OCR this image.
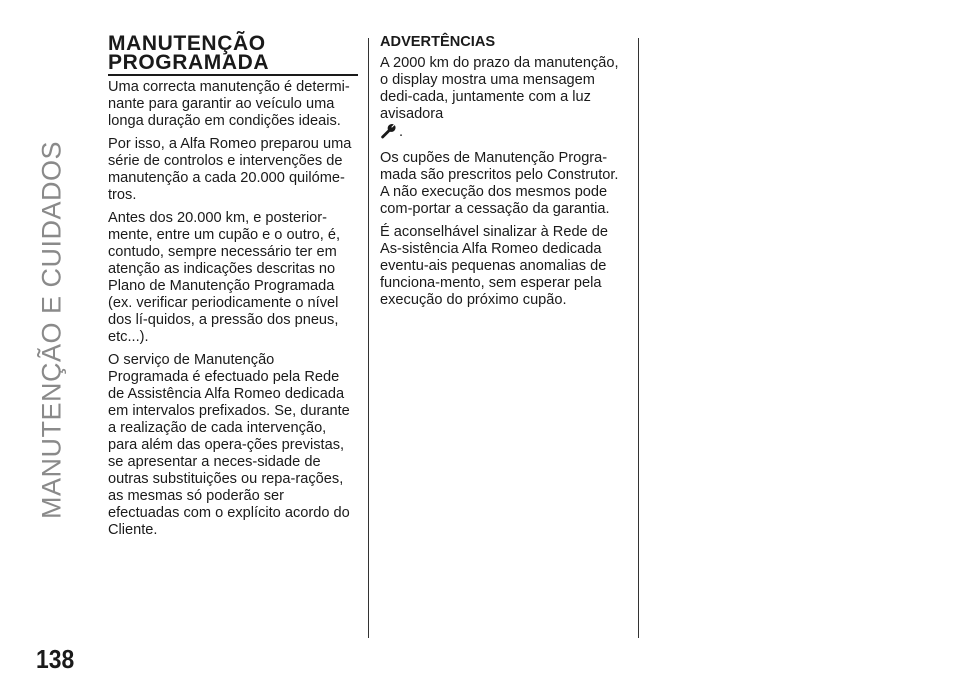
MANUTENÇÃO E CUIDADOS
MANUTENÇÃO
PROGRAMADA

Uma correcta manutenção é determi-nante para garantir ao veículo uma longa duração em condições ideais.

Por isso, a Alfa Romeo preparou uma série de controlos e intervenções de manutenção a cada 20.000 quilóme-tros.

Antes dos 20.000 km, e posterior-mente, entre um cupão e o outro, é, contudo, sempre necessário ter em atenção as indicações descritas no Plano de Manutenção Programada (ex. verificar periodicamente o nível dos lí-quidos, a pressão dos pneus, etc...).

O serviço de Manutenção Programada é efectuado pela Rede de Assistência Alfa Romeo dedicada em intervalos prefixados. Se, durante a realização de cada intervenção, para além das opera-ções previstas, se apresentar a neces-sidade de outras substituições ou repa-rações, as mesmas só poderão ser efectuadas com o explícito acordo do Cliente.

ADVERTÊNCIAS

A 2000 km do prazo da manutenção, o display mostra uma mensagem dedi-cada, juntamente com a luz avisadora
.

Os cupões de Manutenção Progra-mada são prescritos pelo Construtor. A não execução dos mesmos pode com-portar a cessação da garantia.

É aconselhável sinalizar à Rede de As-sistência Alfa Romeo dedicada eventu-ais pequenas anomalias de funciona-mento, sem esperar pela execução do próximo cupão.

138
